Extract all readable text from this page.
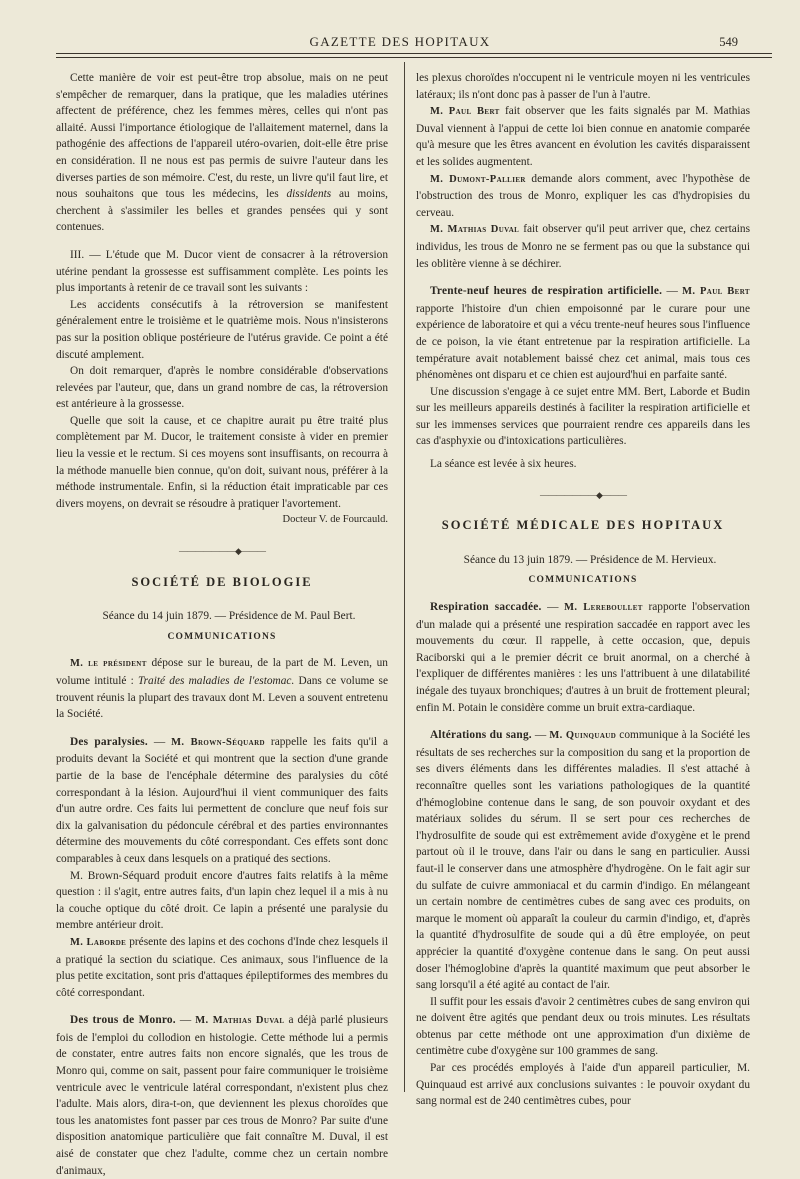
GAZETTE DES HOPITAUX	549

Cette manière de voir est peut-être trop absolue, mais on ne peut s'empêcher de remarquer, dans la pratique, que les maladies utérines affectent de préférence, chez les femmes mères, celles qui n'ont pas allaité. Aussi l'importance étiologique de l'allaitement maternel, dans la pathogénie des affections de l'appareil utéro-ovarien, doit-elle être prise en considération. Il ne nous est pas permis de suivre l'auteur dans les diverses parties de son mémoire. C'est, du reste, un livre qu'il faut lire, et nous souhaitons que tous les médecins, les dissidents au moins, cherchent à s'assimiler les belles et grandes pensées qui y sont contenues.

III. — L'étude que M. Ducor vient de consacrer à la rétroversion utérine pendant la grossesse est suffisamment complète. Les points les plus importants à retenir de ce travail sont les suivants :

Les accidents consécutifs à la rétroversion se manifestent généralement entre le troisième et le quatrième mois. Nous n'insisterons pas sur la position oblique postérieure de l'utérus gravide. Ce point a été discuté amplement.

On doit remarquer, d'après le nombre considérable d'observations relevées par l'auteur, que, dans un grand nombre de cas, la rétroversion est antérieure à la grossesse.

Quelle que soit la cause, et ce chapitre aurait pu être traité plus complètement par M. Ducor, le traitement consiste à vider en premier lieu la vessie et le rectum. Si ces moyens sont insuffisants, on recourra à la méthode manuelle bien connue, qu'on doit, suivant nous, préférer à la méthode instrumentale. Enfin, si la réduction était impraticable par ces divers moyens, on devrait se résoudre à pratiquer l'avortement.
Docteur V. de Fourcauld.

———————◆———
SOCIÉTÉ DE BIOLOGIE

Séance du 14 juin 1879. — Présidence de M. Paul Bert.

COMMUNICATIONS

M. le président dépose sur le bureau, de la part de M. Leven, un volume intitulé : Traité des maladies de l'estomac. Dans ce volume se trouvent réunis la plupart des travaux dont M. Leven a souvent entretenu la Société.

Des paralysies. — M. Brown-Séquard rappelle les faits qu'il a produits devant la Société et qui montrent que la section d'une grande partie de la base de l'encéphale détermine des paralysies du côté correspondant à la lésion. Aujourd'hui il vient communiquer des faits d'un autre ordre. Ces faits lui permettent de conclure que neuf fois sur dix la galvanisation du pédoncule cérébral et des parties environnantes détermine des mouvements du côté correspondant. Ces effets sont donc comparables à ceux dans lesquels on a pratiqué des sections.

M. Brown-Séquard produit encore d'autres faits relatifs à la même question : il s'agit, entre autres faits, d'un lapin chez lequel il a mis à nu la couche optique du côté droit. Ce lapin a présenté une paralysie du membre antérieur droit.

M. Laborde présente des lapins et des cochons d'Inde chez lesquels il a pratiqué la section du sciatique. Ces animaux, sous l'influence de la plus petite excitation, sont pris d'attaques épileptiformes des membres du côté correspondant.

Des trous de Monro. — M. Mathias Duval a déjà parlé plusieurs fois de l'emploi du collodion en histologie. Cette méthode lui a permis de constater, entre autres faits non encore signalés, que les trous de Monro qui, comme on sait, passent pour faire communiquer le troisième ventricule avec le ventricule latéral correspondant, n'existent plus chez l'adulte. Mais alors, dira-t-on, que deviennent les plexus choroïdes que tous les anatomistes font passer par ces trous de Monro? Par suite d'une disposition anatomique particulière que fait connaître M. Duval, il est aisé de constater que chez l'adulte, comme chez un certain nombre d'animaux,

les plexus choroïdes n'occupent ni le ventricule moyen ni les ventricules latéraux; ils n'ont donc pas à passer de l'un à l'autre.

M. Paul Bert fait observer que les faits signalés par M. Mathias Duval viennent à l'appui de cette loi bien connue en anatomie comparée qu'à mesure que les êtres avancent en évolution les cavités disparaissent et les solides augmentent.

M. Dumont-Pallier demande alors comment, avec l'hypothèse de l'obstruction des trous de Monro, expliquer les cas d'hydropisies du cerveau.

M. Mathias Duval fait observer qu'il peut arriver que, chez certains individus, les trous de Monro ne se ferment pas ou que la substance qui les oblitère vienne à se déchirer.

Trente-neuf heures de respiration artificielle. — M. Paul Bert rapporte l'histoire d'un chien empoisonné par le curare pour une expérience de laboratoire et qui a vécu trente-neuf heures sous l'influence de ce poison, la vie étant entretenue par la respiration artificielle. La température avait notablement baissé chez cet animal, mais tous ces phénomènes ont disparu et ce chien est aujourd'hui en parfaite santé.

Une discussion s'engage à ce sujet entre MM. Bert, Laborde et Budin sur les meilleurs appareils destinés à faciliter la respiration artificielle et sur les immenses services que pourraient rendre ces appareils dans les cas d'asphyxie ou d'intoxications particulières.

La séance est levée à six heures.

———————◆———
SOCIÉTÉ MÉDICALE DES HOPITAUX

Séance du 13 juin 1879. — Présidence de M. Hervieux.

COMMUNICATIONS

Respiration saccadée. — M. Lereboullet rapporte l'observation d'un malade qui a présenté une respiration saccadée en rapport avec les mouvements du cœur. Il rappelle, à cette occasion, que, depuis Raciborski qui a le premier décrit ce bruit anormal, on a cherché à l'expliquer de différentes manières : les uns l'attribuent à une dilatabilité inégale des tuyaux bronchiques; d'autres à un bruit de frottement pleural; enfin M. Potain le considère comme un bruit extra-cardiaque.

Altérations du sang. — M. Quinquaud communique à la Société les résultats de ses recherches sur la composition du sang et la proportion de ses divers éléments dans les différentes maladies. Il s'est attaché à reconnaître quelles sont les variations pathologiques de la quantité d'hémoglobine contenue dans le sang, de son pouvoir oxydant et des matériaux solides du sérum. Il se sert pour ces recherches de l'hydrosulfite de soude qui est extrêmement avide d'oxygène et le prend partout où il le trouve, dans l'air ou dans le sang en particulier. Aussi faut-il le conserver dans une atmosphère d'hydrogène. On le fait agir sur du sulfate de cuivre ammoniacal et du carmin d'indigo. En mélangeant un certain nombre de centimètres cubes de sang avec ces produits, on marque le moment où apparaît la couleur du carmin d'indigo, et, d'après la quantité d'hydrosulfite de soude qui a dû être employée, on peut apprécier la quantité d'oxygène contenue dans le sang. On peut aussi doser l'hémoglobine d'après la quantité maximum que peut absorber le sang lorsqu'il a été agité au contact de l'air.

Il suffit pour les essais d'avoir 2 centimètres cubes de sang environ qui ne doivent être agités que pendant deux ou trois minutes. Les résultats obtenus par cette méthode ont une approximation d'un dixième de centimètre cube d'oxygène sur 100 grammes de sang.

Par ces procédés employés à l'aide d'un appareil particulier, M. Quinquaud est arrivé aux conclusions suivantes : le pouvoir oxydant du sang normal est de 240 centimètres cubes, pour
